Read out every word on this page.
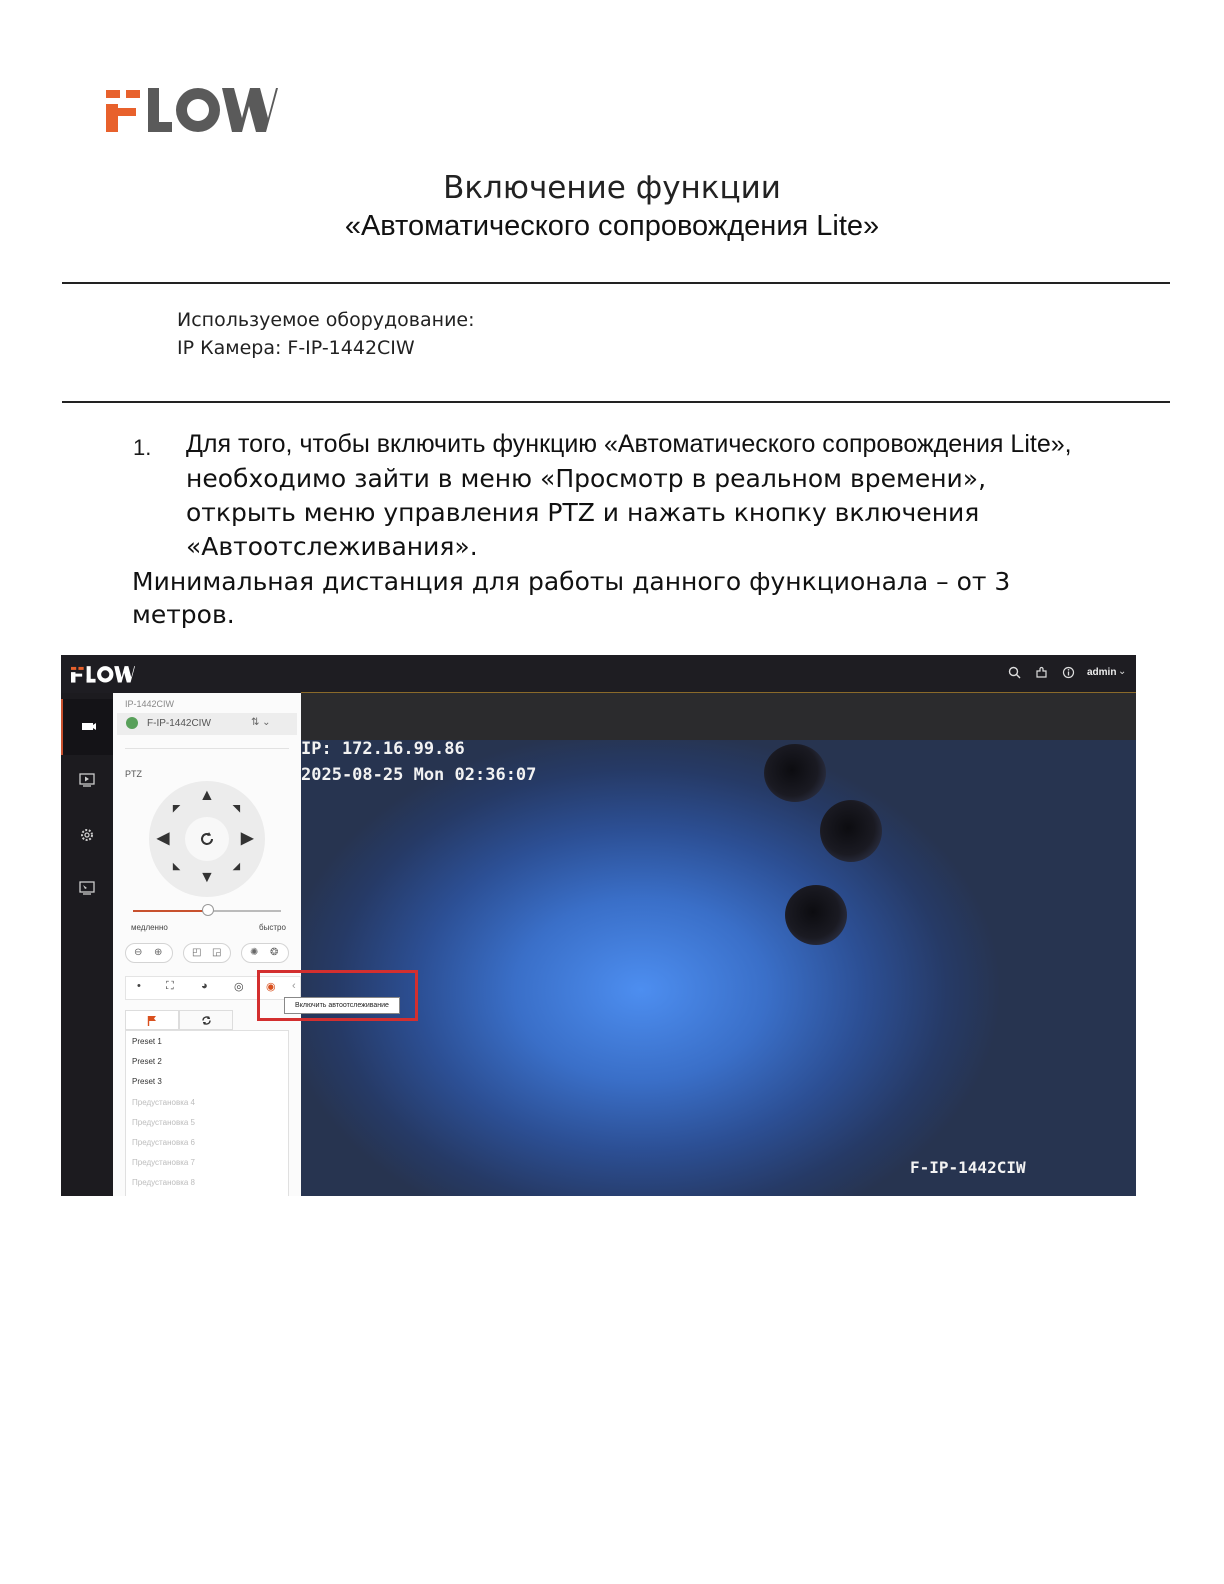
Включение функции
«Автоматического сопровождения Lite»
Используемое оборудование:
IP Камера: F-IP-1442CIW
1. Для того, чтобы включить функцию «Автоматического сопровождения Lite»,
необходимо зайти в меню «Просмотр в реальном времени»,
открыть меню управления PTZ и нажать кнопку включения
«Автоотслеживания».
Минимальная дистанция для работы данного функционала – от 3
метров.
admin ⌄
IP-1442CIW
F-IP-1442CIW	⇅ ⌄
PTZ
▲
▼
◀	▶
◤	◥
◣	◢
медленно	быстро
⊖ ⊕	◰ ◲	✺ ❂
• ⛶ ◕ ◎ ◉ ‹
Preset 1
Preset 2
Preset 3
Предустановка 4
Предустановка 5
Предустановка 6
Предустановка 7
Предустановка 8
IP: 172.16.99.86
2025-08-25 Mon 02:36:07
F-IP-1442CIW
Включить автоотслеживание
